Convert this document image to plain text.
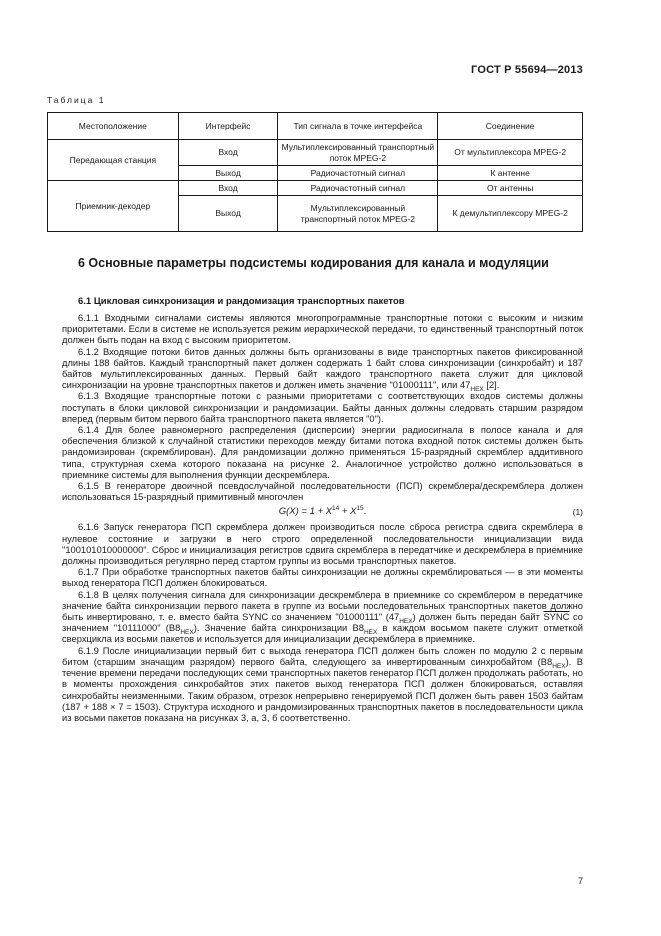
ГОСТ Р 55694—2013
Таблица 1
Местоположение	Интерфейс	Тип сигнала в точке интерфейса	Соединение
Передающая станция	Вход	Мультиплексированный транспортный поток MPEG-2	От мультиплексора MPEG-2
	Выход	Радиочастотный сигнал	К антенне
Приемник-декодер	Вход	Радиочастотный сигнал	От антенны
	Выход	Мультиплексированный транспортный поток MPEG-2	К демультиплексору MPEG-2
6 Основные параметры подсистемы кодирования для канала и модуляции
6.1 Цикловая синхронизация и рандомизация транспортных пакетов

6.1.1 Входными сигналами системы являются многопрограммные транспортные потоки с высоким и низким приоритетами. Если в системе не используется режим иерархической передачи, то единственный транспортный поток должен быть подан на вход с высоким приоритетом.

6.1.2 Входящие потоки битов данных должны быть организованы в виде транспортных пакетов фиксированной длины 188 байтов. Каждый транспортный пакет должен содержать 1 байт слова синхронизации (синхробайт) и 187 байтов мультиплексированных данных. Первый байт каждого транспортного пакета служит для цикловой синхронизации на уровне транспортных пакетов и должен иметь значение "01000111", или $47_{HEX}$ [2].

6.1.3 Входящие транспортные потоки с разными приоритетами с соответствующих входов системы должны поступать в блоки цикловой синхронизации и рандомизации. Байты данных должны следовать старшим разрядом вперед (первым битом первого байта транспортного пакета является "0").

6.1.4 Для более равномерного распределения (дисперсии) энергии радиосигнала в полосе канала и для обеспечения близкой к случайной статистики переходов между битами потока входной поток системы должен быть рандомизирован (скремблирован). Для рандомизации должно применяться 15-разрядный скремблер аддитивного типа, структурная схема которого показана на рисунке 2. Аналогичное устройство должно использоваться в приемнике системы для выполнения функции дескремблера.

6.1.5 В генераторе двоичной псевдослучайной последовательности (ПСП) скремблера/дескремблера должен использоваться 15-разрядный примитивный многочлен

$G(X) = 1 + X^{14} + X^{15}$.	(1)

6.1.6 Запуск генератора ПСП скремблера должен производиться после сброса регистра сдвига скремблера в нулевое состояние и загрузки в него строго определенной последовательности инициализации вида "100101010000000". Сброс и инициализация регистров сдвига скремблера в передатчике и дескремблера в приемнике должны производиться регулярно перед стартом группы из восьми транспортных пакетов.

6.1.7 При обработке транспортных пакетов байты синхронизации не должны скремблироваться — в эти моменты выход генератора ПСП должен блокироваться.

6.1.8 В целях получения сигнала для синхронизации дескремблера в приемнике со скремблером в передатчике значение байта синхронизации первого пакета в группе из восьми последовательных транспортных пакетов должно быть инвертировано, т. е. вместо байта SYNC со значением "01000111" $(47_{HEX})$ должен быть передан байт SYNC со значением "10111000" $(B8_{HEX})$. Значение байта синхронизации $B8_{HEX}$ в каждом восьмом пакете служит отметкой сверхцикла из восьми пакетов и используется для инициализации дескремблера в приемнике.

6.1.9 После инициализации первый бит с выхода генератора ПСП должен быть сложен по модулю 2 с первым битом (старшим значащим разрядом) первого байта, следующего за инвертированным синхробайтом $(B8_{HEX})$. В течение времени передачи последующих семи транспортных пакетов генератор ПСП должен продолжать работать, но в моменты прохождения синхробайтов этих пакетов выход генератора ПСП должен блокироваться, оставляя синхробайты неизменными. Таким образом, отрезок непрерывно генерируемой ПСП должен быть равен 1503 байтам (187 + 188 × 7 = 1503). Структура исходного и рандомизированных транспортных пакетов в последовательности цикла из восьми пакетов показана на рисунках 3, а, 3, б соответственно.

7
